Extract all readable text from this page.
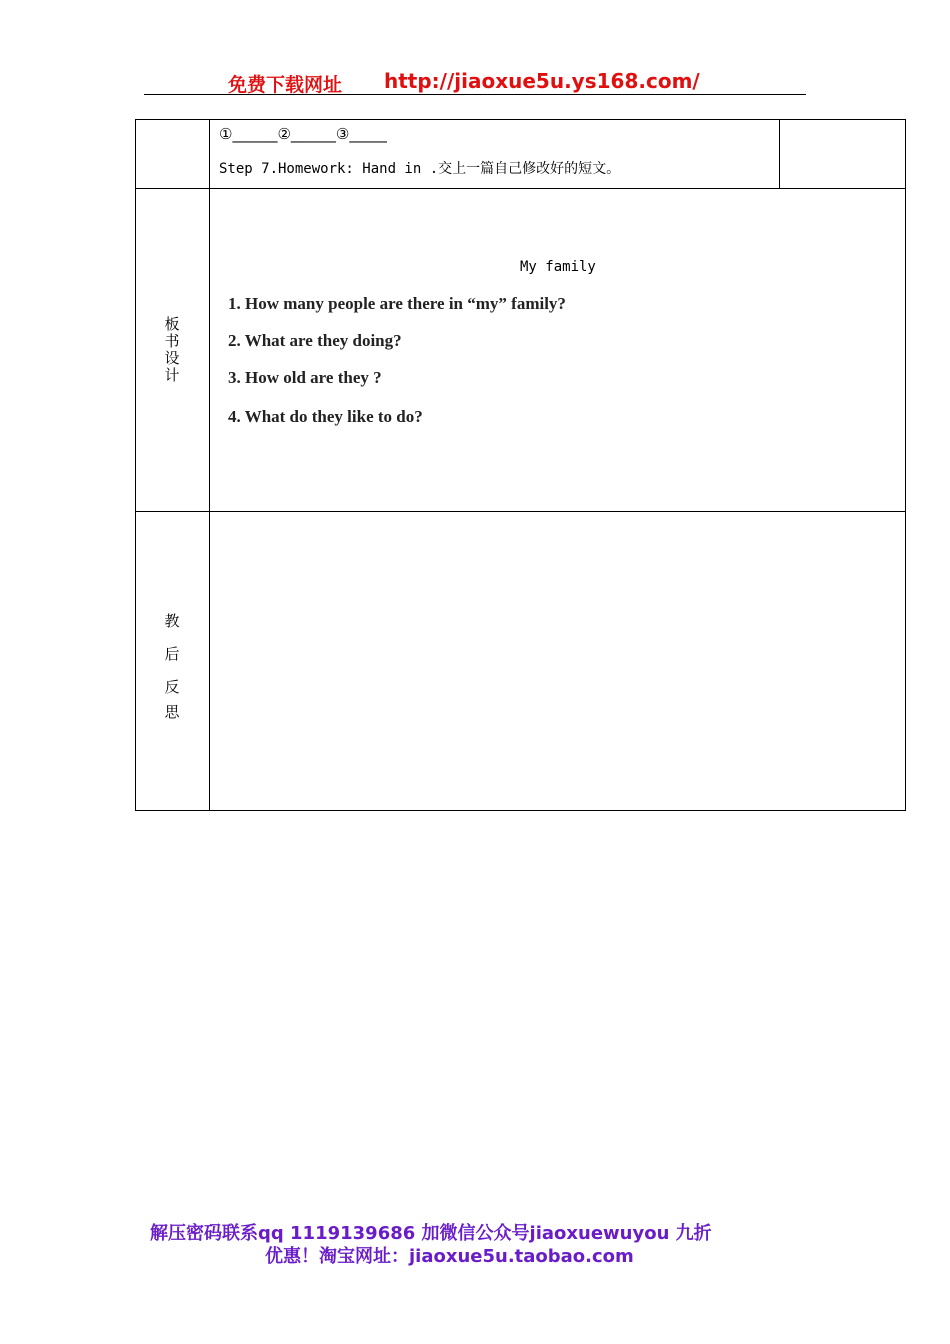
免费下载网址 http://jiaoxue5u.ys168.com/
①______②______③_____
Step 7.Homework: Hand in .交上一篇自己修改好的短文。
板
书
设
计
My family
1. How many people are there in “my” family?
2. What are they doing?
3. How old are they ?
4. What do they like to do?
教
后
反
思
解压密码联系qq 1119139686 加微信公众号jiaoxuewuyou 九折
优惠！淘宝网址：jiaoxue5u.taobao.com
